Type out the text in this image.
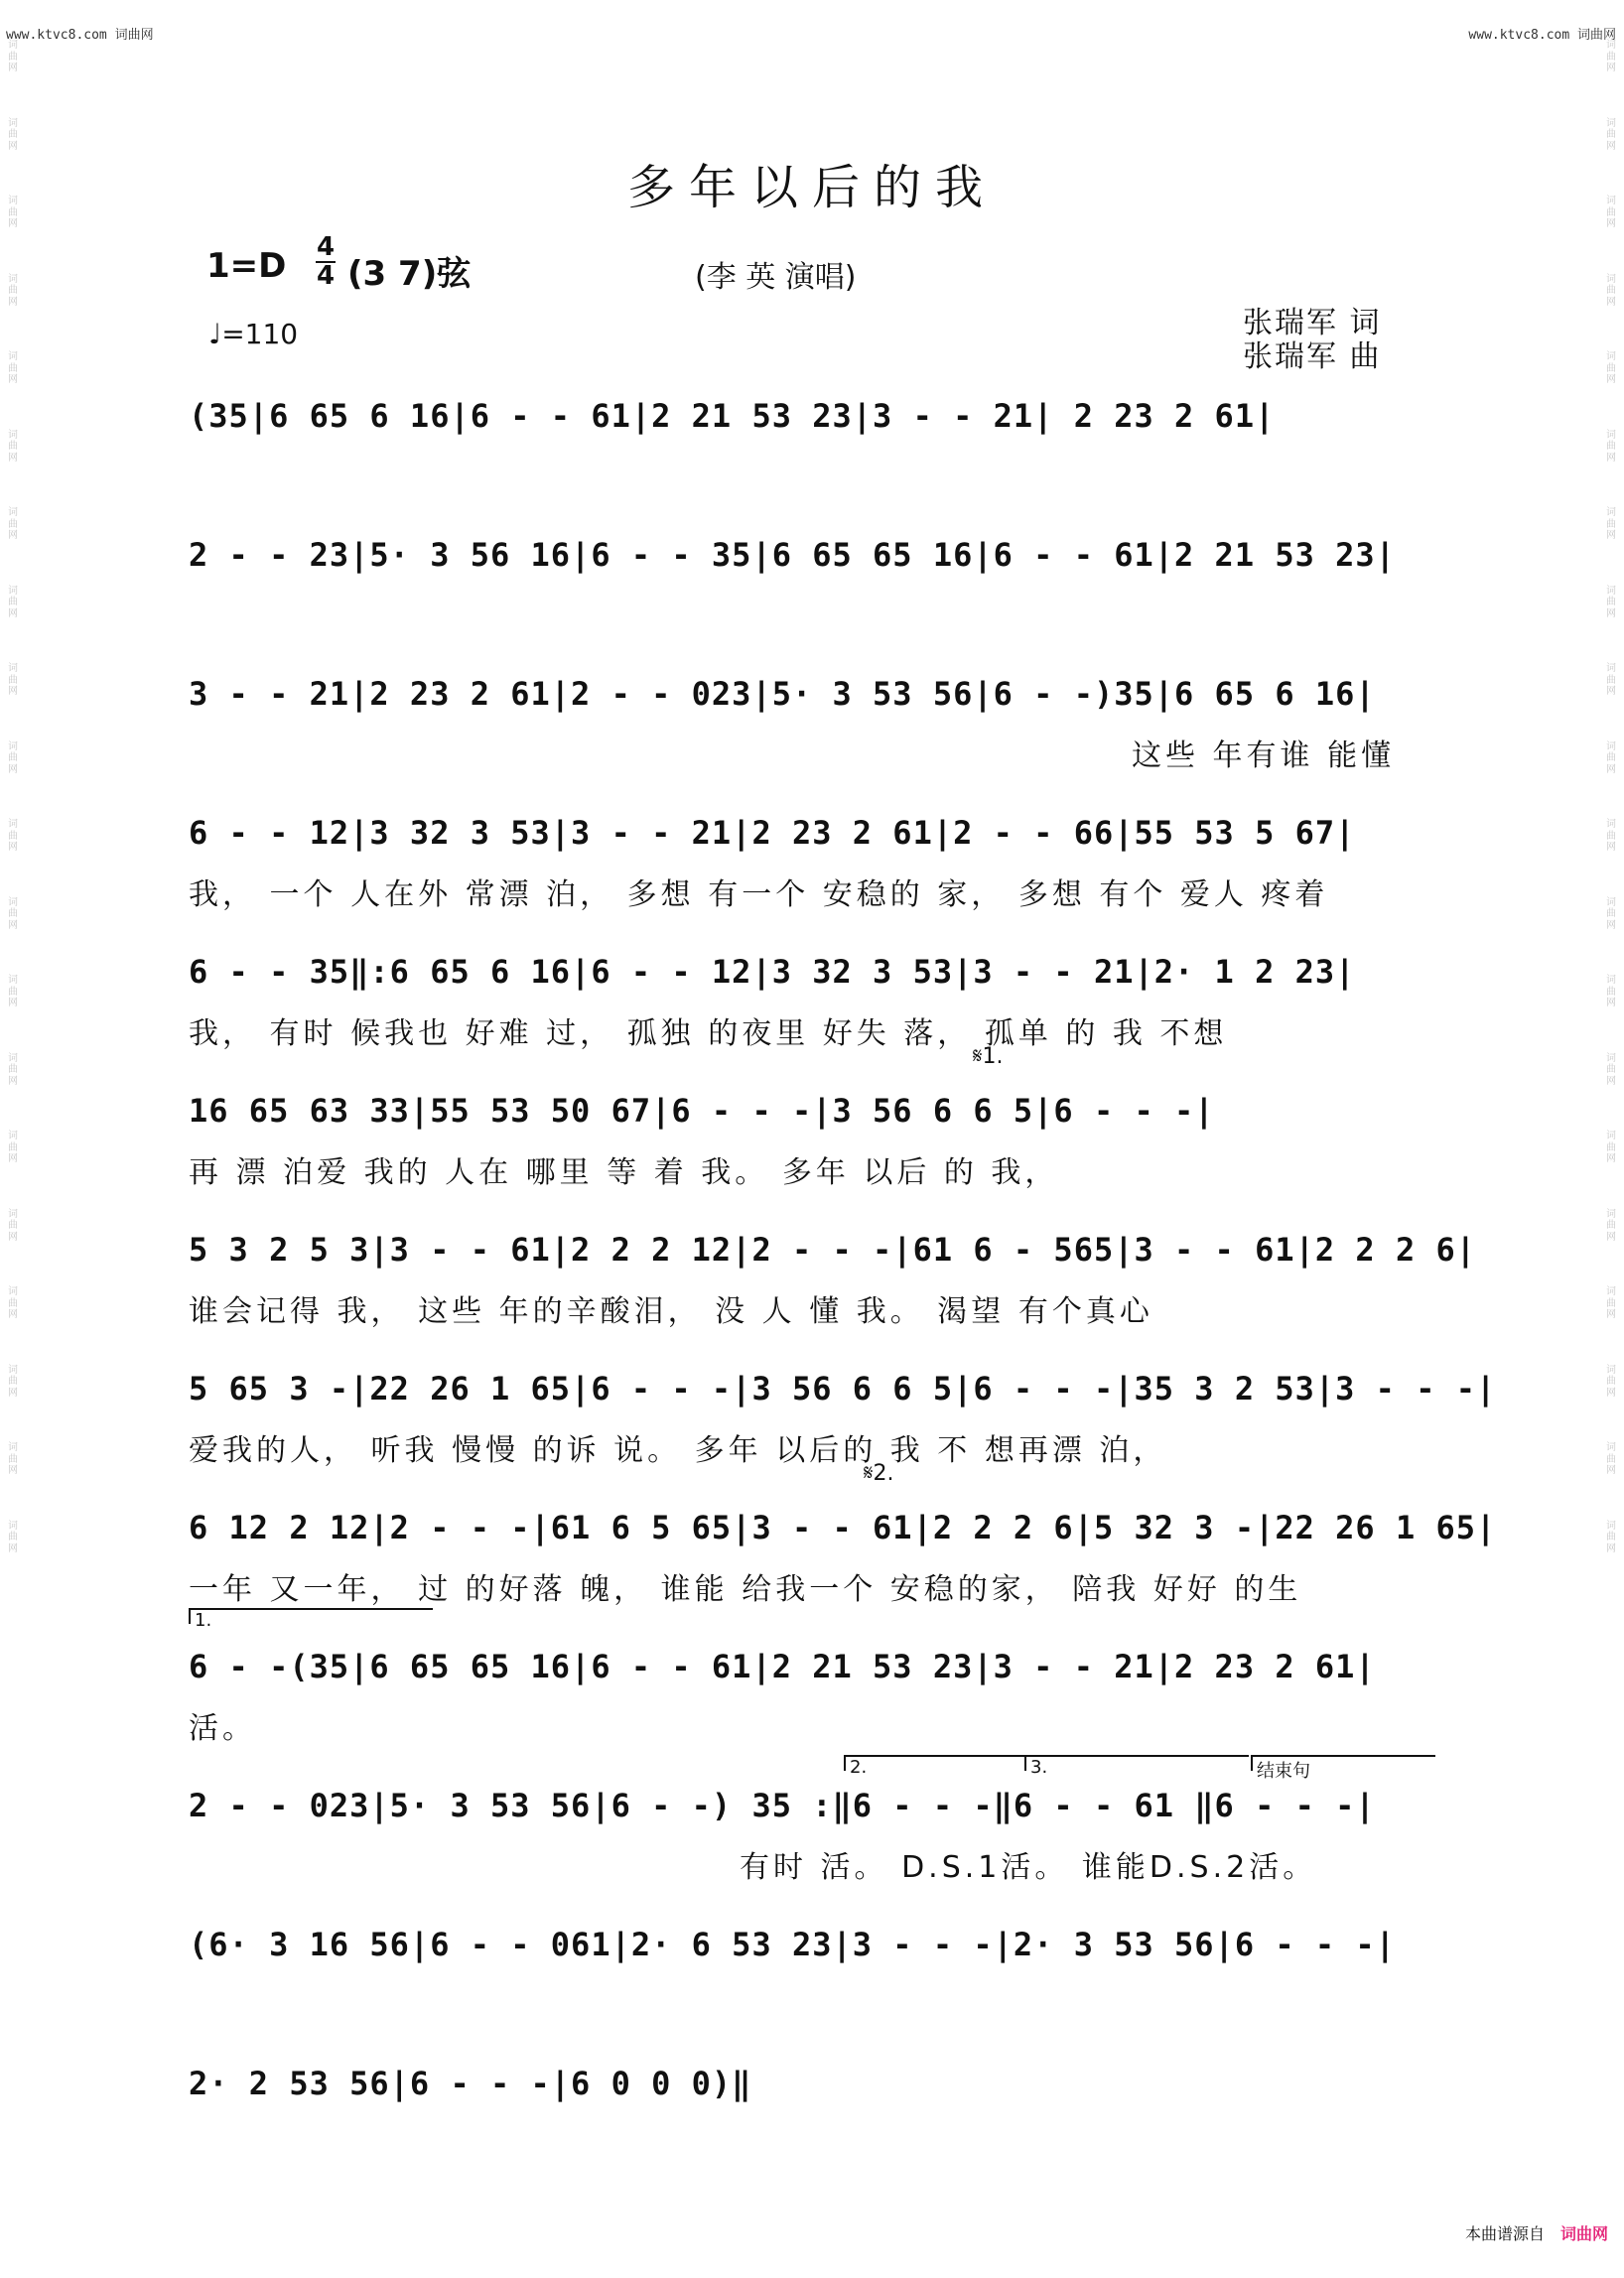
www.ktvc8.com 词曲网	www.ktvc8.com 词曲网
词曲网
词曲网
词曲网
词曲网
词曲网
词曲网
词曲网
词曲网
词曲网
词曲网
词曲网
词曲网
词曲网
词曲网
词曲网
词曲网
词曲网
词曲网
词曲网
词曲网
词曲网
词曲网
词曲网
词曲网
词曲网
词曲网
词曲网
词曲网
词曲网
词曲网
词曲网
词曲网
词曲网
词曲网
词曲网
词曲网
词曲网
词曲网
词曲网
词曲网
多年以后的我
1=D 4
4 (3 7)弦	(李 英 演唱)
♩=110	张瑞军 词
张瑞军 曲
(35|6 65 6 16|6 - - 61|2 21 53 23|3 - - 21| 2 23 2 61|
2 - - 23|5· 3 56 16|6 - - 35|6 65 65 16|6 - - 61|2 21 53 23|
3 - - 21|2 23 2 61|2 - - 023|5· 3 53 56|6 - -)35|6 65 6 16|
这些 年有谁 能懂
6 - - 12|3 32 3 53|3 - - 21|2 23 2 61|2 - - 66|55 53 5 67|
我， 一个 人在外 常漂 泊， 多想 有一个 安稳的 家， 多想 有个 爱人 疼着
6 - - 35‖:6 65 6 16|6 - - 12|3 32 3 53|3 - - 21|2· 1 2 23|
我， 有时 候我也 好难 过， 孤独 的夜里 好失 落， 孤单 的 我 不想
𝄋1.
16 65 63 33|55 53 50 67|6 - - -|3 56 6 6 5|6 - - -|
再 漂 泊爱 我的 人在 哪里 等 着 我。 多年 以后 的 我，
5 3 2 5 3|3 - - 61|2 2 2 12|2 - - -|61 6 - 565|3 - - 61|2 2 2 6|
谁会记得 我， 这些 年的辛酸泪， 没 人 懂 我。 渴望 有个真心
5 65 3 -|22 26 1 65|6 - - -|3 56 6 6 5|6 - - -|35 3 2 53|3 - - -|
爱我的人， 听我 慢慢 的诉 说。 多年 以后的 我 不 想再漂 泊，
𝄋2.
6 12 2 12|2 - - -|61 6 5 65|3 - - 61|2 2 2 6|5 32 3 -|22 26 1 65|
一年 又一年， 过 的好落 魄， 谁能 给我一个 安稳的家， 陪我 好好 的生
1.
6 - -(35|6 65 65 16|6 - - 61|2 21 53 23|3 - - 21|2 23 2 61|
活。
2.	3.	结束句
2 - - 023|5· 3 53 56|6 - -) 35 :‖6 - - -‖6 - - 61 ‖6 - - -|
有时 活。 D.S.1活。 谁能D.S.2活。
(6· 3 16 56|6 - - 061|2· 6 53 23|3 - - -|2· 3 53 56|6 - - -|
2· 2 53 56|6 - - -|6 0 0 0)‖
本曲谱源自 词曲网
